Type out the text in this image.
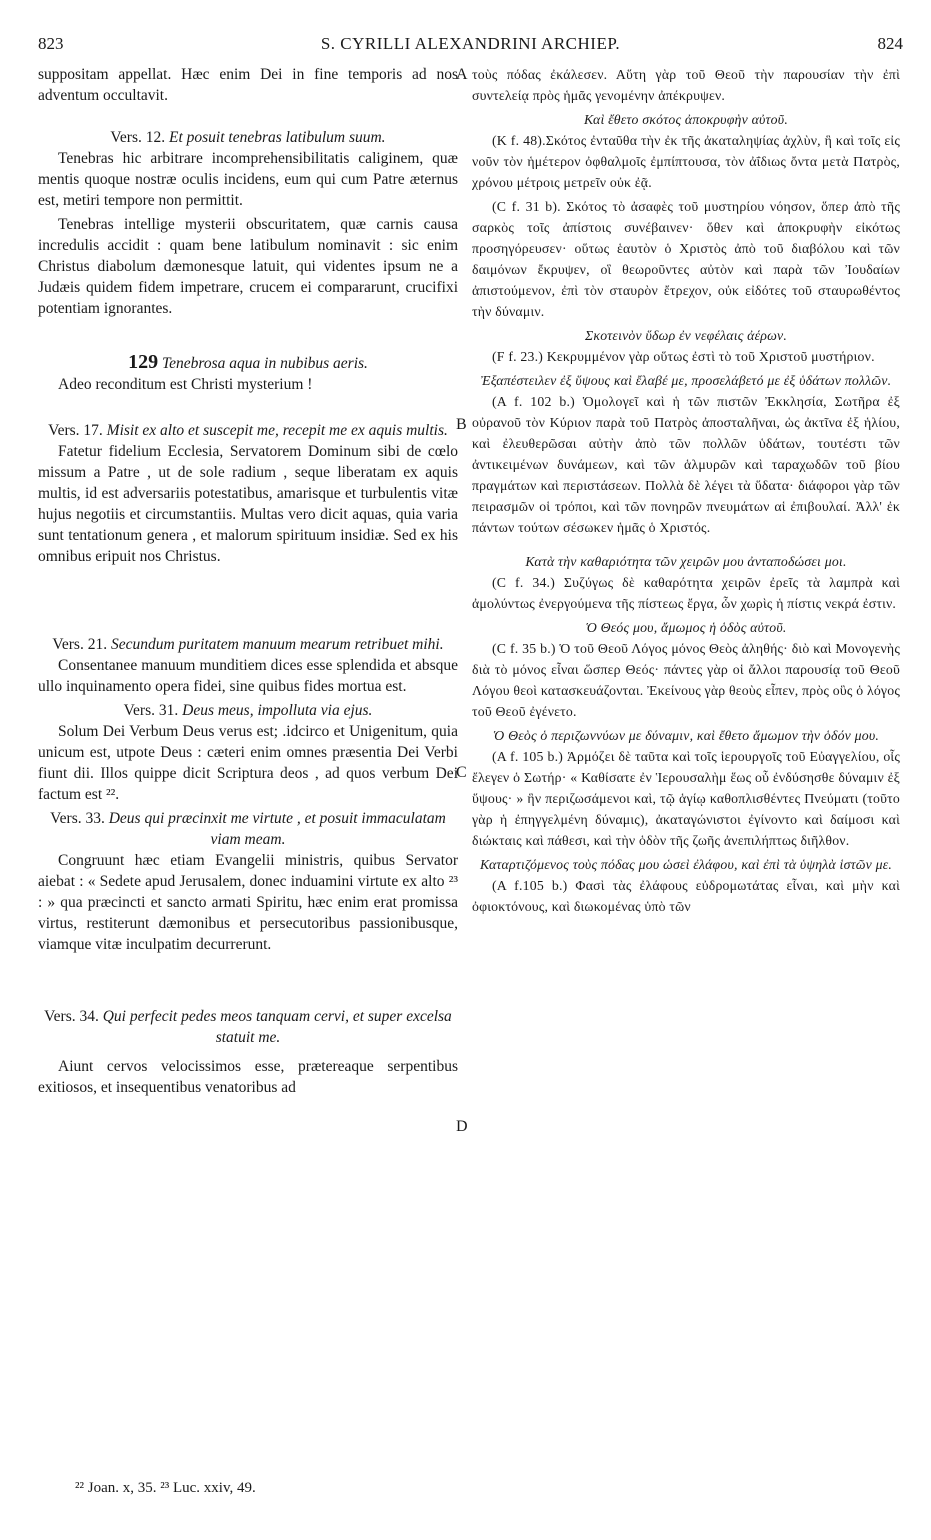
823	S. CYRILLI ALEXANDRINI ARCHIEP.	824

suppositam appellat. Hæc enim Dei in fine temporis ad nos adventum occultavit.

Vers. 12. Et posuit tenebras latibulum suum.

Tenebras hic arbitrare incomprehensibilitatis caliginem, quæ mentis quoque nostræ oculis incidens, eum qui cum Patre æternus est, metiri tempore non permittit.

Tenebras intellige mysterii obscuritatem, quæ carnis causa incredulis accidit : quam bene latibulum nominavit : sic enim Christus diabolum dæmonesque latuit, qui videntes ipsum ne a Judæis quidem fidem impetrare, crucem ei compararunt, crucifixi potentiam ignorantes.

129 Tenebrosa aqua in nubibus aeris.

Adeo reconditum est Christi mysterium !

Vers. 17. Misit ex alto et suscepit me, recepit me ex aquis multis.

Fatetur fidelium Ecclesia, Servatorem Dominum sibi de cœlo missum a Patre , ut de sole radium , seque liberatam ex aquis multis, id est adversariis potestatibus, amarisque et turbulentis vitæ hujus negotiis et circumstantiis. Multas vero dicit aquas, quia varia sunt tentationum genera , et malorum spirituum insidiæ. Sed ex his omnibus eripuit nos Christus.

Vers. 21. Secundum puritatem manuum mearum retribuet mihi.

Consentanee manuum munditiem dices esse splendida et absque ullo inquinamento opera fidei, sine quibus fides mortua est.

Vers. 31. Deus meus, impolluta via ejus.

Solum Dei Verbum Deus verus est; .idcirco et Unigenitum, quia unicum est, utpote Deus : cæteri enim omnes præsentia Dei Verbi fiunt dii. Illos quippe dicit Scriptura deos , ad quos verbum Dei factum est ²².

Vers. 33. Deus qui præcinxit me virtute , et posuit immaculatam viam meam.

Congruunt hæc etiam Evangelii ministris, quibus Servator aiebat : « Sedete apud Jerusalem, donec induamini virtute ex alto ²³ : » qua præcincti et sancto armati Spiritu, hæc enim erat promissa virtus, restiterunt dæmonibus et persecutoribus passionibusque, viamque vitæ inculpatim decurrerunt.

Vers. 34. Qui perfecit pedes meos tanquam cervi, et super excelsa statuit me.

Aiunt cervos velocissimos esse, prætereaque serpentibus exitiosos, et insequentibus venatoribus ad

A
B
C
D

τοὺς πόδας ἐκάλεσεν. Αὕτη γὰρ τοῦ Θεοῦ τὴν παρουσίαν τὴν ἐπὶ συντελείᾳ πρὸς ἡμᾶς γενομένην ἀπέκρυψεν.

Καὶ ἔθετο σκότος ἀποκρυφὴν αὐτοῦ.

(K f. 48).Σκότος ἐνταῦθα τὴν ἐκ τῆς ἀκαταληψίας ἀχλὺν, ἣ καὶ τοῖς εἰς νοῦν τὸν ἡμέτερον ὀφθαλμοῖς ἐμπίπτουσα, τὸν ἀΐδιως ὄντα μετὰ Πατρὸς, χρόνου μέτροις μετρεῖν οὐκ ἐᾷ.

(C f. 31 b). Σκότος τὸ ἀσαφὲς τοῦ μυστηρίου νόησον, ὅπερ ἀπὸ τῆς σαρκὸς τοῖς ἀπίστοις συνέβαινεν· ὅθεν καὶ ἀποκρυφὴν εἰκότως προσηγόρευσεν· οὕτως ἑαυτὸν ὁ Χριστὸς ἀπὸ τοῦ διαβόλου καὶ τῶν δαιμόνων ἔκρυψεν, οἳ θεωροῦντες αὐτὸν καὶ παρὰ τῶν Ἰουδαίων ἀπιστούμενον, ἐπὶ τὸν σταυρὸν ἔτρεχον, οὐκ εἰδότες τοῦ σταυρωθέντος τὴν δύναμιν.

Σκοτεινὸν ὕδωρ ἐν νεφέλαις ἀέρων.

(F f. 23.) Κεκρυμμένον γὰρ οὕτως ἐστὶ τὸ τοῦ Χριστοῦ μυστήριον.

Ἐξαπέστειλεν ἐξ ὕψους καὶ ἔλαβέ με, προσελάβετό με ἐξ ὑδάτων πολλῶν.

(A f. 102 b.) Ὁμολογεῖ καὶ ἡ τῶν πιστῶν Ἐκκλησία, Σωτῆρα ἐξ οὐρανοῦ τὸν Κύριον παρὰ τοῦ Πατρὸς ἀποσταλῆναι, ὡς ἀκτῖνα ἐξ ἡλίου, καὶ ἐλευθερῶσαι αὐτὴν ἀπὸ τῶν πολλῶν ὑδάτων, τουτέστι τῶν ἀντικειμένων δυνάμεων, καὶ τῶν ἁλμυρῶν καὶ ταραχωδῶν τοῦ βίου πραγμάτων καὶ περιστάσεων. Πολλὰ δὲ λέγει τὰ ὕδατα· διάφοροι γὰρ τῶν πειρασμῶν οἱ τρόποι, καὶ τῶν πονηρῶν πνευμάτων αἱ ἐπιβουλαί. Ἀλλ' ἐκ πάντων τούτων σέσωκεν ἡμᾶς ὁ Χριστός.

Κατὰ τὴν καθαριότητα τῶν χειρῶν μου ἀνταποδώσει μοι.

(C f. 34.) Συζύγως δὲ καθαρότητα χειρῶν ἐρεῖς τὰ λαμπρὰ καὶ ἀμολύντως ἐνεργούμενα τῆς πίστεως ἔργα, ὧν χωρὶς ἡ πίστις νεκρά ἐστιν.

Ὁ Θεός μου, ἄμωμος ἡ ὁδὸς αὐτοῦ.

(C f. 35 b.) Ὁ τοῦ Θεοῦ Λόγος μόνος Θεὸς ἀληθής· διὸ καὶ Μονογενὴς διὰ τὸ μόνος εἶναι ὥσπερ Θεός· πάντες γὰρ οἱ ἄλλοι παρουσίᾳ τοῦ Θεοῦ Λόγου θεοὶ κατασκευάζονται. Ἐκείνους γὰρ θεοὺς εἶπεν, πρὸς οὓς ὁ λόγος τοῦ Θεοῦ ἐγένετο.

Ὁ Θεὸς ὁ περιζωννύων με δύναμιν, καὶ ἔθετο ἄμωμον τὴν ὁδόν μου.

(A f. 105 b.) Ἁρμόζει δὲ ταῦτα καὶ τοῖς ἱερουργοῖς τοῦ Εὐαγγελίου, οἷς ἔλεγεν ὁ Σωτήρ· « Καθίσατε ἐν Ἱερουσαλὴμ ἕως οὗ ἐνδύσησθε δύναμιν ἐξ ὕψους· » ἣν περιζωσάμενοι καὶ, τῷ ἁγίῳ καθοπλισθέντες Πνεύματι (τοῦτο γὰρ ἡ ἐπηγγελμένη δύναμις), ἀκαταγώνιστοι ἐγίνοντο καὶ δαίμοσι καὶ διώκταις καὶ πάθεσι, καὶ τὴν ὁδὸν τῆς ζωῆς ἀνεπιλήπτως διῆλθον.

Καταρτιζόμενος τοὺς πόδας μου ὡσεὶ ἐλάφου, καὶ ἐπὶ τὰ ὑψηλὰ ἱστῶν με.

(A f.105 b.) Φασὶ τὰς ἐλάφους εὐδρομωτάτας εἶναι, καὶ μὴν καὶ ὀφιοκτόνους, καὶ διωκομένας ὑπὸ τῶν

²² Joan. x, 35. ²³ Luc. xxiv, 49.
